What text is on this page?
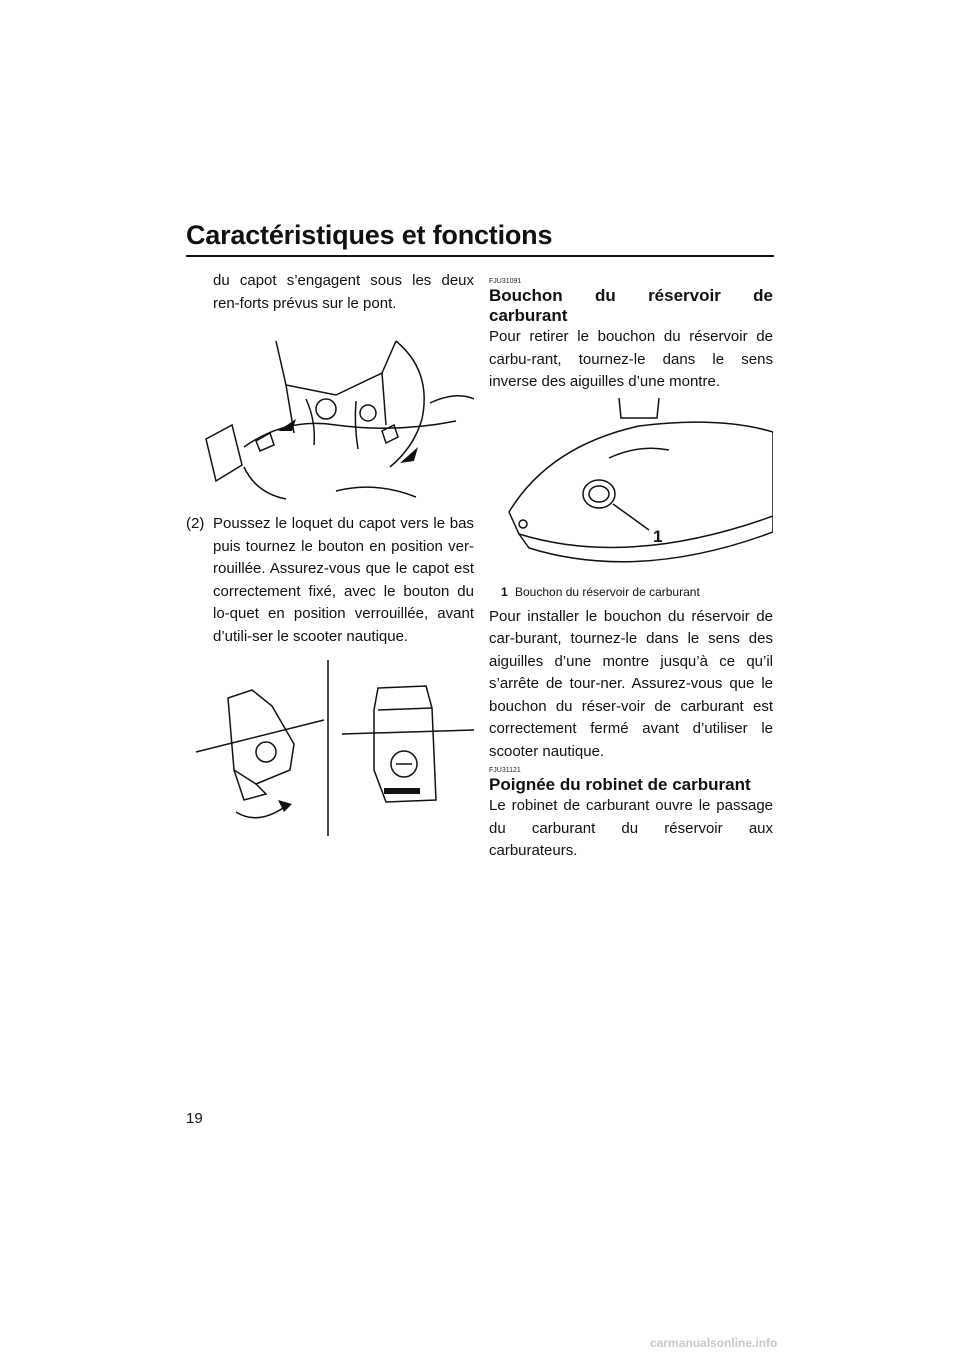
Caractéristiques et fonctions

du capot s’engagent sous les deux ren-forts prévus sur le pont.

(2) Poussez le loquet du capot vers le bas puis tournez le bouton en position ver-rouillée. Assurez-vous que le capot est correctement fixé, avec le bouton du lo-quet en position verrouillée, avant d’utili-ser le scooter nautique.
FJU31091
Bouchon du réservoir de carburant

Pour retirer le bouchon du réservoir de carbu-rant, tournez-le dans le sens inverse des aiguilles d’une montre.

1
1 Bouchon du réservoir de carburant

Pour installer le bouchon du réservoir de car-burant, tournez-le dans le sens des aiguilles d’une montre jusqu’à ce qu’il s’arrête de tour-ner. Assurez-vous que le bouchon du réser-voir de carburant est correctement fermé avant d’utiliser le scooter nautique.

FJU31121
Poignée du robinet de carburant

Le robinet de carburant ouvre le passage du carburant du réservoir aux carburateurs.

19
carmanualsonline.info
